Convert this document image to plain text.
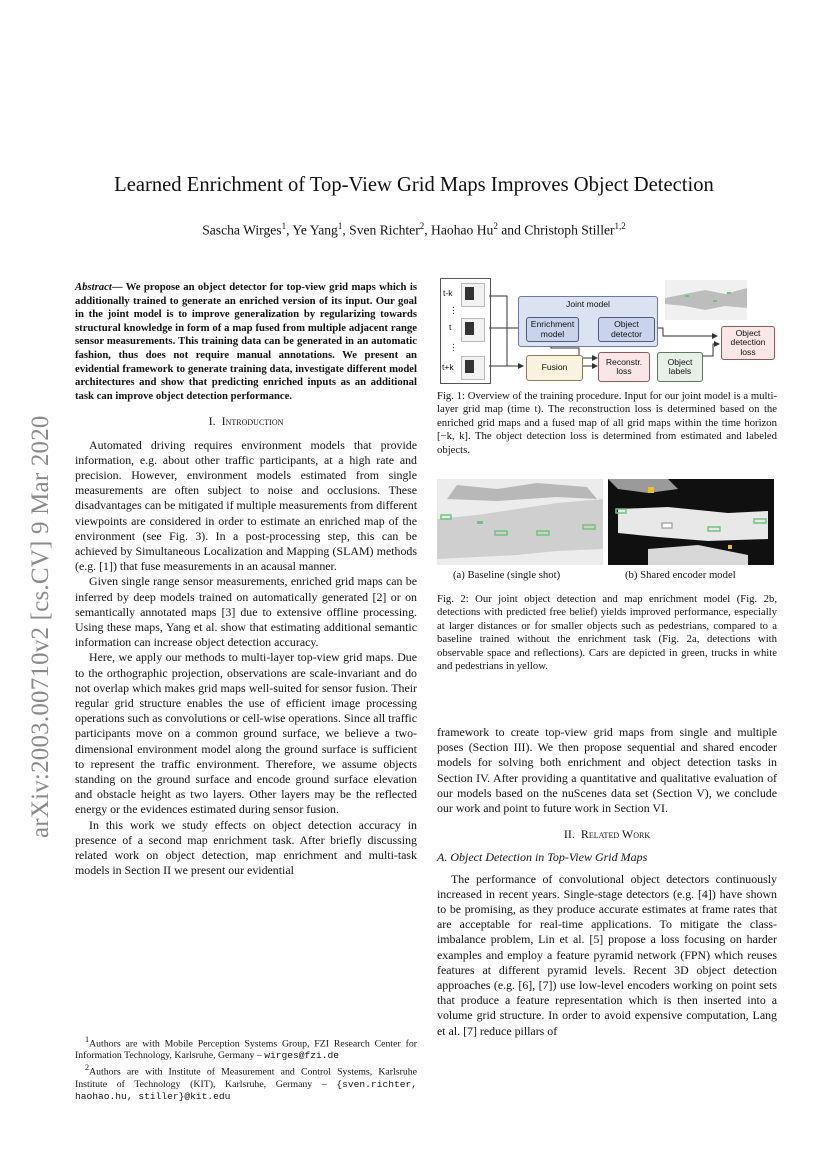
arXiv:2003.00710v2 [cs.CV] 9 Mar 2020
Learned Enrichment of Top-View Grid Maps Improves Object Detection
Sascha Wirges$^1$, Ye Yang$^1$, Sven Richter$^2$, Haohao Hu$^2$ and Christoph Stiller$^{1,2}$
Abstract— We propose an object detector for top-view grid maps which is additionally trained to generate an enriched version of its input. Our goal in the joint model is to improve generalization by regularizing towards structural knowledge in form of a map fused from multiple adjacent range sensor measurements. This training data can be generated in an automatic fashion, thus does not require manual annotations. We present an evidential framework to generate training data, investigate different model architectures and show that predicting enriched inputs as an additional task can improve object detection performance.
I. Introduction

Automated driving requires environment models that provide information, e.g. about other traffic participants, at a high rate and precision. However, environment models estimated from single measurements are often subject to noise and occlusions. These disadvantages can be mitigated if multiple measurements from different viewpoints are considered in order to estimate an enriched map of the environment (see Fig. 3). In a post-processing step, this can be achieved by Simultaneous Localization and Mapping (SLAM) methods (e.g. [1]) that fuse measurements in an acausal manner.

Given single range sensor measurements, enriched grid maps can be inferred by deep models trained on automatically generated [2] or on semantically annotated maps [3] due to extensive offline processing. Using these maps, Yang et al. show that estimating additional semantic information can increase object detection accuracy.

Here, we apply our methods to multi-layer top-view grid maps. Due to the orthographic projection, observations are scale-invariant and do not overlap which makes grid maps well-suited for sensor fusion. Their regular grid structure enables the use of efficient image processing operations such as convolutions or cell-wise operations. Since all traffic participants move on a common ground surface, we believe a two-dimensional environment model along the ground surface is sufficient to represent the traffic environment. Therefore, we assume objects standing on the ground surface and encode ground surface elevation and obstacle height as two layers. Other layers may be the reflected energy or the evidences estimated during sensor fusion.

In this work we study effects on object detection accuracy in presence of a second map enrichment task. After briefly discussing related work on object detection, map enrichment and multi-task models in Section II we present our evidential

$^1$Authors are with Mobile Perception Systems Group, FZI Research Center for Information Technology, Karlsruhe, Germany – wirges@fzi.de
$^2$Authors are with Institute of Measurement and Control Systems, Karlsruhe Institute of Technology (KIT), Karlsruhe, Germany – {sven.richter, haohao.hu, stiller}@kit.edu
t-k
⋮
t
⋮
t+k
Joint model
Enrichment model
Object detector
Fusion
Reconstr. loss
Object labels
Object detection loss
Fig. 1: Overview of the training procedure. Input for our joint model is a multi-layer grid map (time t). The reconstruction loss is determined based on the enriched grid maps and a fused map of all grid maps within the time horizon [−k, k]. The object detection loss is determined from estimated and labeled objects.
(a) Baseline (single shot)	(b) Shared encoder model
Fig. 2: Our joint object detection and map enrichment model (Fig. 2b, detections with predicted free belief) yields improved performance, especially at larger distances or for smaller objects such as pedestrians, compared to a baseline trained without the enrichment task (Fig. 2a, detections with observable space and reflections). Cars are depicted in green, trucks in white and pedestrians in yellow.

framework to create top-view grid maps from single and multiple poses (Section III). We then propose sequential and shared encoder models for solving both enrichment and object detection tasks in Section IV. After providing a quantitative and qualitative evaluation of our models based on the nuScenes data set (Section V), we conclude our work and point to future work in Section VI.

II. Related Work
A. Object Detection in Top-View Grid Maps

The performance of convolutional object detectors continuously increased in recent years. Single-stage detectors (e.g. [4]) have shown to be promising, as they produce accurate estimates at frame rates that are acceptable for real-time applications. To mitigate the class-imbalance problem, Lin et al. [5] propose a loss focusing on harder examples and employ a feature pyramid network (FPN) which reuses features at different pyramid levels. Recent 3D object detection approaches (e.g. [6], [7]) use low-level encoders working on point sets that produce a feature representation which is then inserted into a volume grid structure. In order to avoid expensive computation, Lang et al. [7] reduce pillars of
